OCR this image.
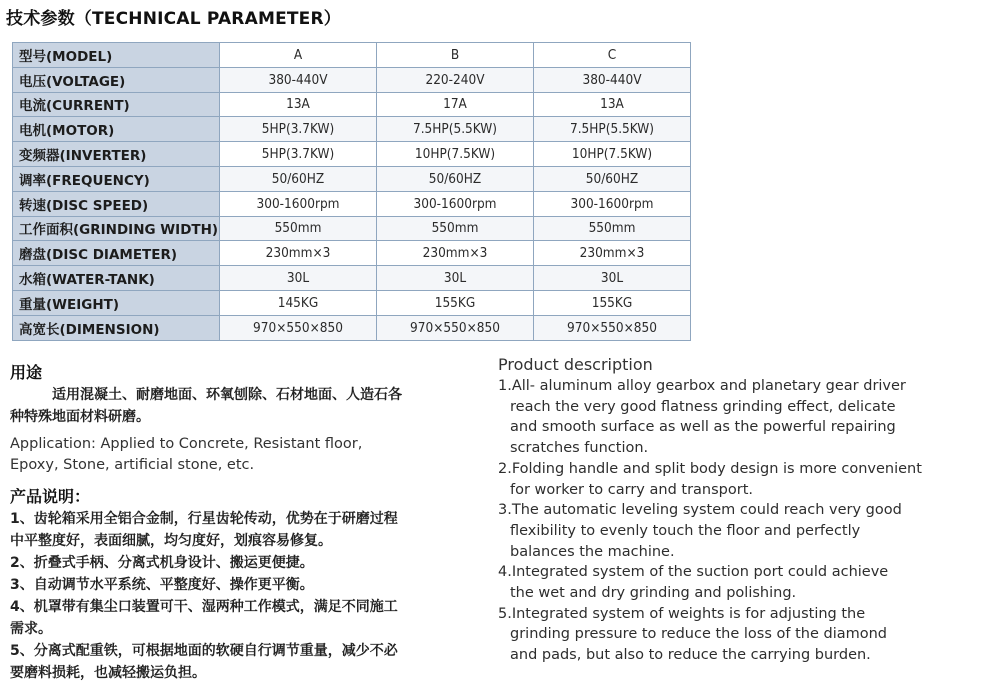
技术参数（TECHNICAL PARAMETER）
型号(MODEL)	A	B	C
电压(VOLTAGE)	380-440V	220-240V	380-440V
电流(CURRENT)	13A	17A	13A
电机(MOTOR)	5HP(3.7KW)	7.5HP(5.5KW)	7.5HP(5.5KW)
变频器(INVERTER)	5HP(3.7KW)	10HP(7.5KW)	10HP(7.5KW)
调率(FREQUENCY)	50/60HZ	50/60HZ	50/60HZ
转速(DISC SPEED)	300-1600rpm	300-1600rpm	300-1600rpm
工作面积(GRINDING WIDTH)	550mm	550mm	550mm
磨盘(DISC DIAMETER)	230mm×3	230mm×3	230mm×3
水箱(WATER-TANK)	30L	30L	30L
重量(WEIGHT)	145KG	155KG	155KG
高宽长(DIMENSION)	970×550×850	970×550×850	970×550×850
用途
　　　适用混凝土、耐磨地面、环氧刨除、石材地面、人造石各
种特殊地面材料研磨。
Application: Applied to Concrete, Resistant floor,
Epoxy, Stone, artificial stone, etc.
产品说明：
1、齿轮箱采用全铝合金制，行星齿轮传动，优势在于研磨过程
中平整度好，表面细腻，均匀度好，划痕容易修复。
2、折叠式手柄、分离式机身设计、搬运更便捷。
3、自动调节水平系统、平整度好、操作更平衡。
4、机罩带有集尘口装置可干、湿两种工作模式，满足不同施工
需求。
5、分离式配重铁，可根据地面的软硬自行调节重量，减少不必
要磨料损耗，也减轻搬运负担。
Product description
1.All- aluminum alloy gearbox and planetary gear driver
reach the very good flatness grinding effect, delicate
and smooth surface as well as the powerful repairing
scratches function.
2.Folding handle and split body design is more convenient
for worker to carry and transport.
3.The automatic leveling system could reach very good
flexibility to evenly touch the floor and perfectly
balances the machine.
4.Integrated system of the suction port could achieve
the wet and dry grinding and polishing.
5.Integrated system of weights is for adjusting the
grinding pressure to reduce the loss of the diamond
and pads, but also to reduce the carrying burden.
